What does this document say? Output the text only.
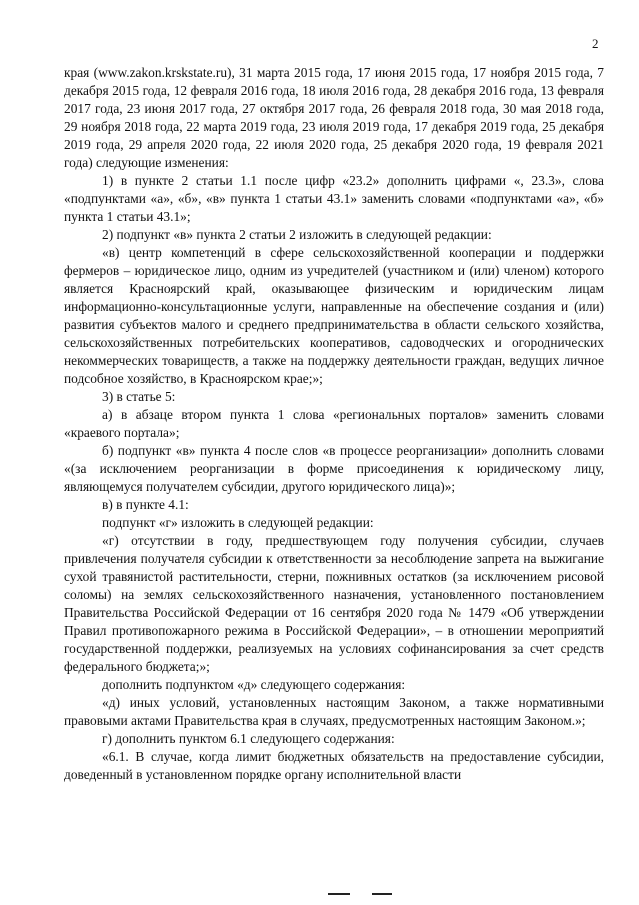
2

края (www.zakon.krskstate.ru), 31 марта 2015 года, 17 июня 2015 года, 17 ноября 2015 года, 7 декабря 2015 года, 12 февраля 2016 года, 18 июля 2016 года, 28 декабря 2016 года, 13 февраля 2017 года, 23 июня 2017 года, 27 октября 2017 года, 26 февраля 2018 года, 30 мая 2018 года, 29 ноября 2018 года, 22 марта 2019 года, 23 июля 2019 года, 17 декабря 2019 года, 25 декабря 2019 года, 29 апреля 2020 года, 22 июля 2020 года, 25 декабря 2020 года, 19 февраля 2021 года) следующие изменения:

1) в пункте 2 статьи 1.1 после цифр «23.2» дополнить цифрами «, 23.3», слова «подпунктами «а», «б», «в» пункта 1 статьи 43.1» заменить словами «подпунктами «а», «б» пункта 1 статьи 43.1»;

2) подпункт «в» пункта 2 статьи 2 изложить в следующей редакции:

«в) центр компетенций в сфере сельскохозяйственной кооперации и поддержки фермеров – юридическое лицо, одним из учредителей (участником и (или) членом) которого является Красноярский край, оказывающее физическим и юридическим лицам информационно-консультационные услуги, направленные на обеспечение создания и (или) развития субъектов малого и среднего предпринимательства в области сельского хозяйства, сельскохозяйственных потребительских кооперативов, садоводческих и огороднических некоммерческих товариществ, а также на поддержку деятельности граждан, ведущих личное подсобное хозяйство, в Красноярском крае;»;

3) в статье 5:

а) в абзаце втором пункта 1 слова «региональных порталов» заменить словами «краевого портала»;

б) подпункт «в» пункта 4 после слов «в процессе реорганизации» дополнить словами «(за исключением реорганизации в форме присоединения к юридическому лицу, являющемуся получателем субсидии, другого юридического лица)»;

в) в пункте 4.1:

подпункт «г» изложить в следующей редакции:

«г) отсутствии в году, предшествующем году получения субсидии, случаев привлечения получателя субсидии к ответственности за несоблюдение запрета на выжигание сухой травянистой растительности, стерни, пожнивных остатков (за исключением рисовой соломы) на землях сельскохозяйственного назначения, установленного постановлением Правительства Российской Федерации от 16 сентября 2020 года № 1479 «Об утверждении Правил противопожарного режима в Российской Федерации», – в отношении мероприятий государственной поддержки, реализуемых на условиях софинансирования за счет средств федерального бюджета;»;

дополнить подпунктом «д» следующего содержания:

«д) иных условий, установленных настоящим Законом, а также нормативными правовыми актами Правительства края в случаях, предусмотренных настоящим Законом.»;

г) дополнить пунктом 6.1 следующего содержания:

«6.1. В случае, когда лимит бюджетных обязательств на предоставление субсидии, доведенный в установленном порядке органу исполнительной власти
